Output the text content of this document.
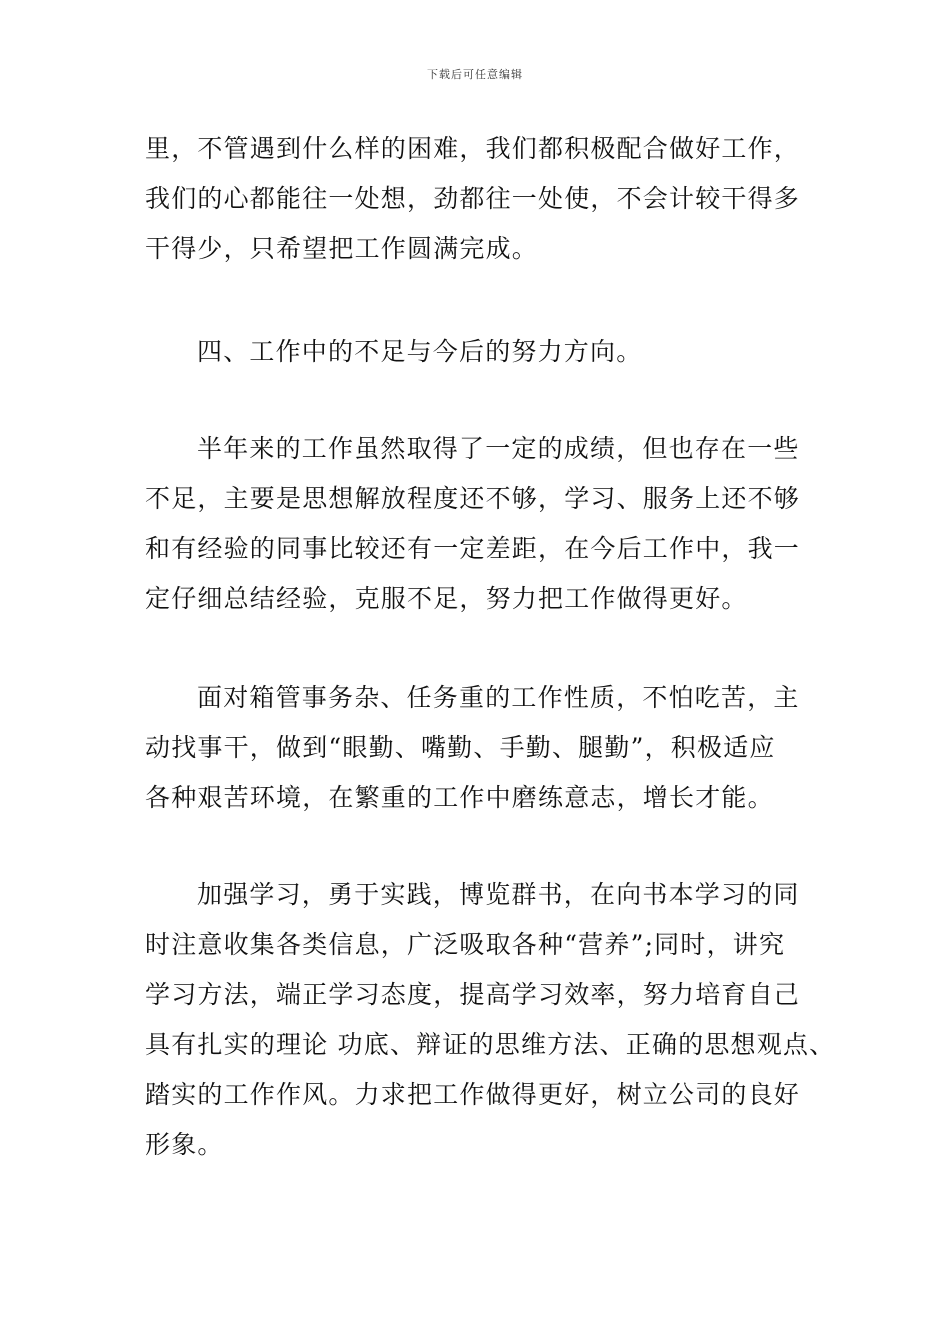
下载后可任意编辑
里，不管遇到什么样的困难，我们都积极配合做好工作，
我们的心都能往一处想，劲都往一处使，不会计较干得多
干得少，只希望把工作圆满完成。
四、工作中的不足与今后的努力方向。
半年来的工作虽然取得了一定的成绩，但也存在一些
不足，主要是思想解放程度还不够，学习、服务上还不够
和有经验的同事比较还有一定差距，在今后工作中，我一
定仔细总结经验，克服不足，努力把工作做得更好。
面对箱管事务杂、任务重的工作性质，不怕吃苦，主
动找事干，做到“眼勤、嘴勤、手勤、腿勤”，积极适应
各种艰苦环境，在繁重的工作中磨练意志，增长才能。
加强学习，勇于实践，博览群书，在向书本学习的同
时注意收集各类信息，广泛吸取各种“营养”;同时，讲究
学习方法，端正学习态度，提高学习效率，努力培育自己
具有扎实的理论 功底、辩证的思维方法、正确的思想观点、
踏实的工作作风。力求把工作做得更好，树立公司的良好
形象。
